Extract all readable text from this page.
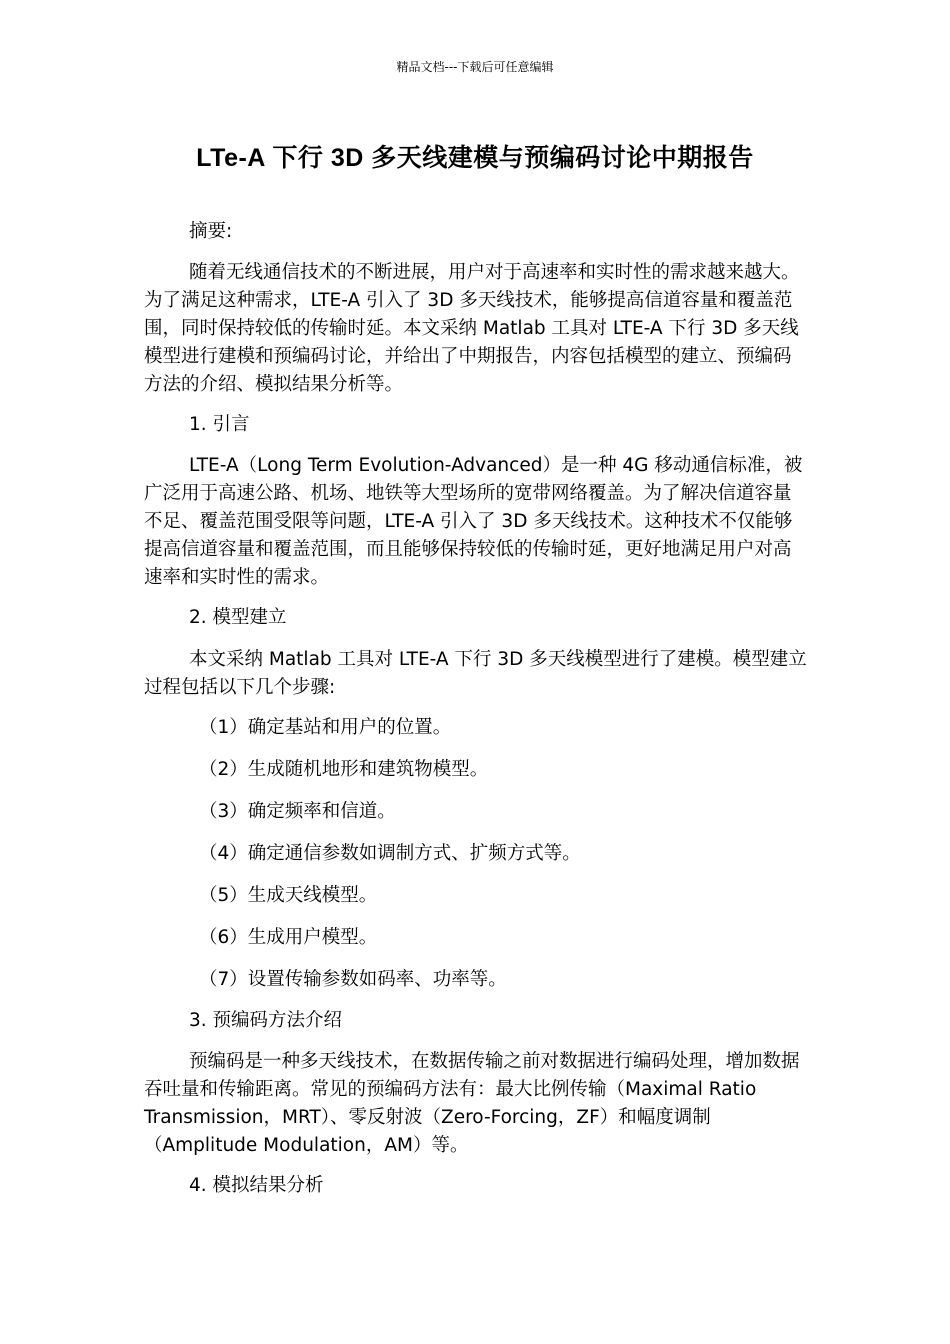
精品文档---下载后可任意编辑
LTe-A 下行 3D 多天线建模与预编码讨论中期报告

摘要:

随着无线通信技术的不断进展，用户对于高速率和实时性的需求越来越大。为了满足这种需求，LTE-A 引入了 3D 多天线技术，能够提高信道容量和覆盖范围，同时保持较低的传输时延。本文采纳 Matlab 工具对 LTE-A 下行 3D 多天线模型进行建模和预编码讨论，并给出了中期报告，内容包括模型的建立、预编码方法的介绍、模拟结果分析等。

1. 引言

LTE-A（Long Term Evolution-Advanced）是一种 4G 移动通信标准，被广泛用于高速公路、机场、地铁等大型场所的宽带网络覆盖。为了解决信道容量不足、覆盖范围受限等问题，LTE-A 引入了 3D 多天线技术。这种技术不仅能够提高信道容量和覆盖范围，而且能够保持较低的传输时延，更好地满足用户对高速率和实时性的需求。

2. 模型建立

本文采纳 Matlab 工具对 LTE-A 下行 3D 多天线模型进行了建模。模型建立过程包括以下几个步骤:

（1）确定基站和用户的位置。

（2）生成随机地形和建筑物模型。

（3）确定频率和信道。

（4）确定通信参数如调制方式、扩频方式等。

（5）生成天线模型。

（6）生成用户模型。

（7）设置传输参数如码率、功率等。

3. 预编码方法介绍

预编码是一种多天线技术，在数据传输之前对数据进行编码处理，增加数据吞吐量和传输距离。常见的预编码方法有：最大比例传输（Maximal Ratio Transmission，MRT）、零反射波（Zero-Forcing，ZF）和幅度调制（Amplitude Modulation，AM）等。

4. 模拟结果分析
